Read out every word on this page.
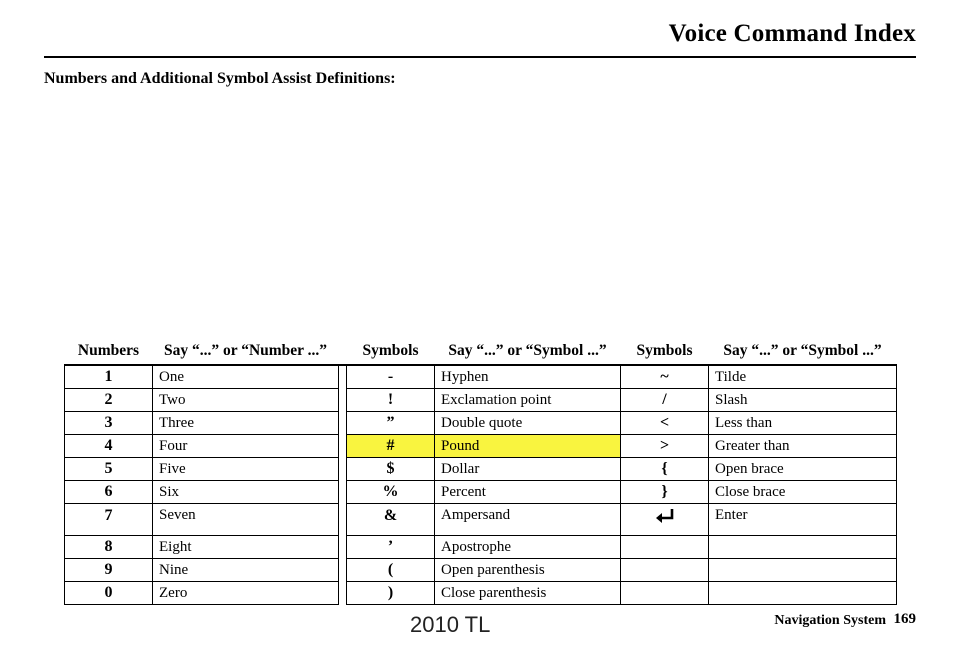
Voice Command Index
Numbers and Additional Symbol Assist Definitions:
Numbers	Say “...” or “Number ...”		Symbols	Say “...” or “Symbol ...”	Symbols	Say “...” or “Symbol ...”
1	One		-	Hyphen	~	Tilde
2	Two		!	Exclamation point	/	Slash
3	Three		”	Double quote	<	Less than
4	Four		#	Pound	>	Greater than
5	Five		$	Dollar	{	Open brace
6	Six		%	Percent	}	Close brace
7	Seven		&	Ampersand		Enter
8	Eight		’	Apostrophe		
9	Nine		(	Open parenthesis		
0	Zero		)	Close parenthesis		
Navigation System 169
2010 TL
